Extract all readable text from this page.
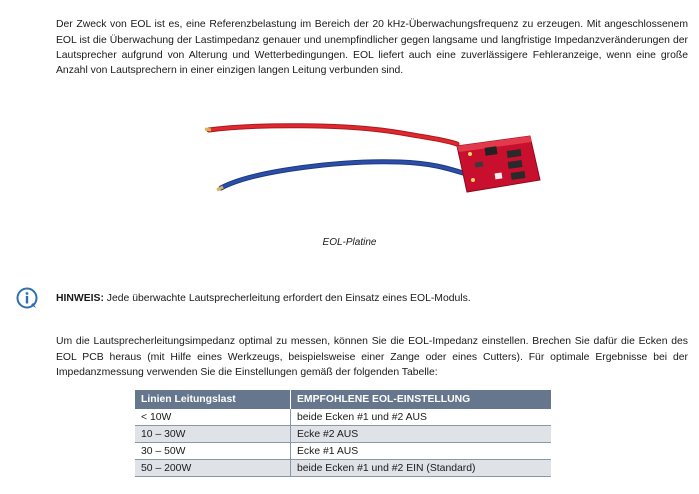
Der Zweck von EOL ist es, eine Referenzbelastung im Bereich der 20 kHz-Überwachungsfrequenz zu erzeugen. Mit angeschlossenem EOL ist die Überwachung der Lastimpedanz genauer und unempfindlicher gegen langsame und langfristige Impedanzveränderungen der Lautsprecher aufgrund von Alterung und Wetterbedingungen. EOL liefert auch eine zuverlässigere Fehleranzeige, wenn eine große Anzahl von Lautsprechern in einer einzigen langen Leitung verbunden sind.

EOL-Platine
HINWEIS: Jede überwachte Lautsprecherleitung erfordert den Einsatz eines EOL-Moduls.

Um die Lautsprecherleitungsimpedanz optimal zu messen, können Sie die EOL-Impedanz einstellen. Brechen Sie dafür die Ecken des EOL PCB heraus (mit Hilfe eines Werkzeugs, beispielsweise einer Zange oder eines Cutters). Für optimale Ergebnisse bei der Impedanzmessung verwenden Sie die Einstellungen gemäß der folgenden Tabelle:

Linien Leitungslast	EMPFOHLENE EOL-EINSTELLUNG
< 10W	beide Ecken #1 und #2 AUS
10 – 30W	Ecke #2 AUS
30 – 50W	Ecke #1 AUS
50 – 200W	beide Ecken #1 und #2 EIN (Standard)
